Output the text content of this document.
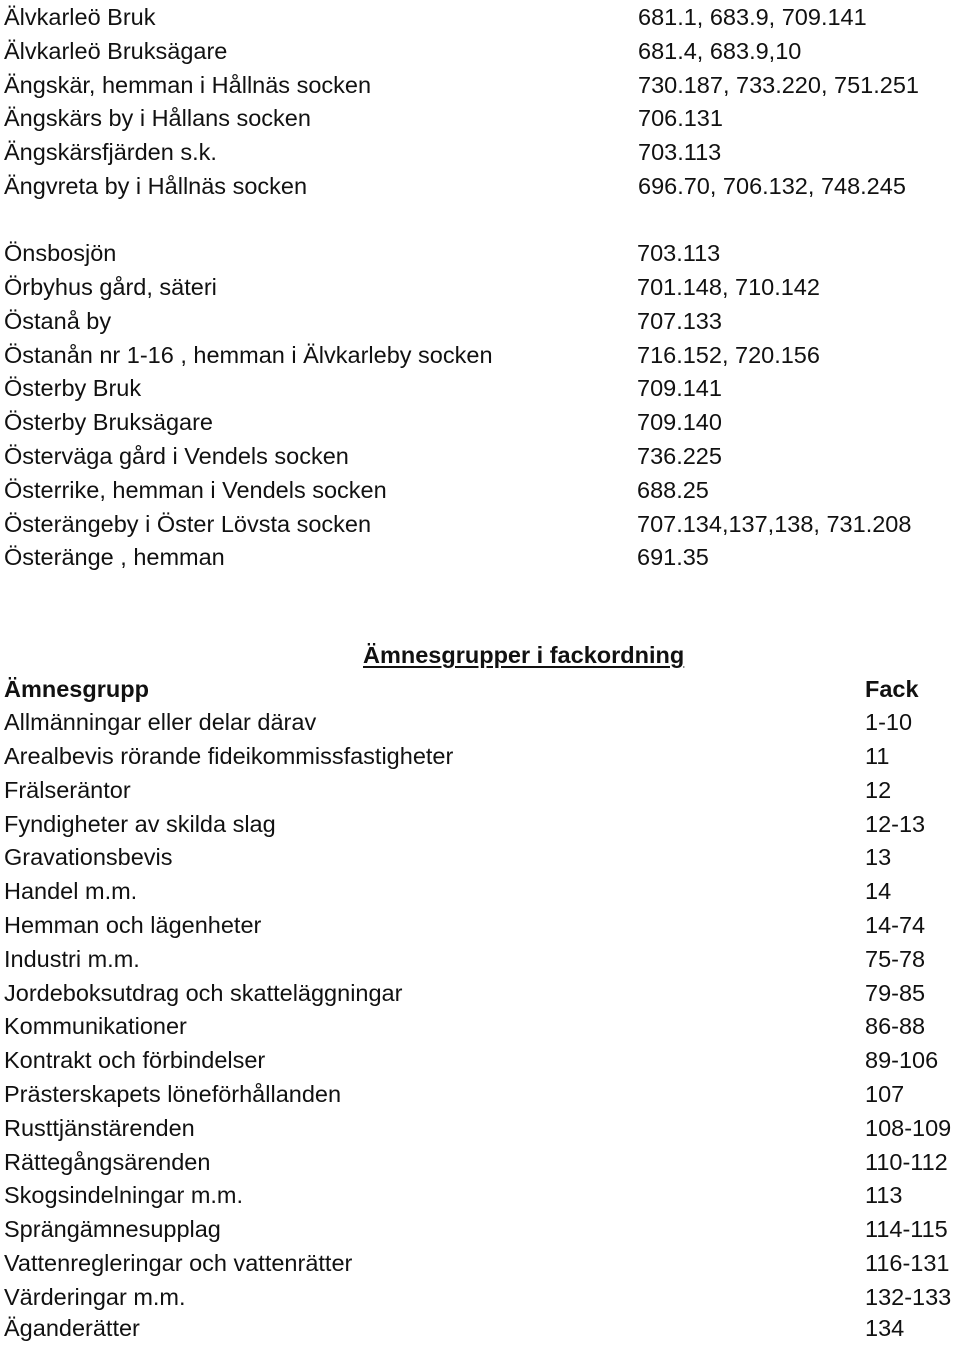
Älvkarleö Bruk	681.1, 683.9, 709.141
Älvkarleö Bruksägare	681.4, 683.9,10
Ängskär, hemman i Hållnäs socken	730.187, 733.220, 751.251
Ängskärs by i Hållans socken	706.131
Ängskärsfjärden s.k.	703.113
Ängvreta by i Hållnäs socken	696.70, 706.132, 748.245
Önsbosjön	703.113
Örbyhus gård, säteri	701.148, 710.142
Östanå by	707.133
Östanån nr 1-16 , hemman i Älvkarleby socken	716.152, 720.156
Österby Bruk	709.141
Österby Bruksägare	709.140
Österväga gård i Vendels socken	736.225
Österrike, hemman i Vendels socken	688.25
Österängeby i Öster Lövsta socken	707.134,137,138, 731.208
Österänge , hemman	691.35
Ämnesgrupper i fackordning
Ämnesgrupp	Fack
Allmänningar eller delar därav	1-10
Arealbevis rörande fideikommissfastigheter	11
Frälseräntor	12
Fyndigheter av skilda slag	12-13
Gravationsbevis	13
Handel m.m.	14
Hemman och lägenheter	14-74
Industri m.m.	75-78
Jordeboksutdrag och skatteläggningar	79-85
Kommunikationer	86-88
Kontrakt och förbindelser	89-106
Prästerskapets löneförhållanden	107
Rusttjänstärenden	108-109
Rättegångsärenden	110-112
Skogsindelningar m.m.	113
Sprängämnesupplag	114-115
Vattenregleringar och vattenrätter	116-131
Värderingar m.m.	132-133
Äganderätter	134
